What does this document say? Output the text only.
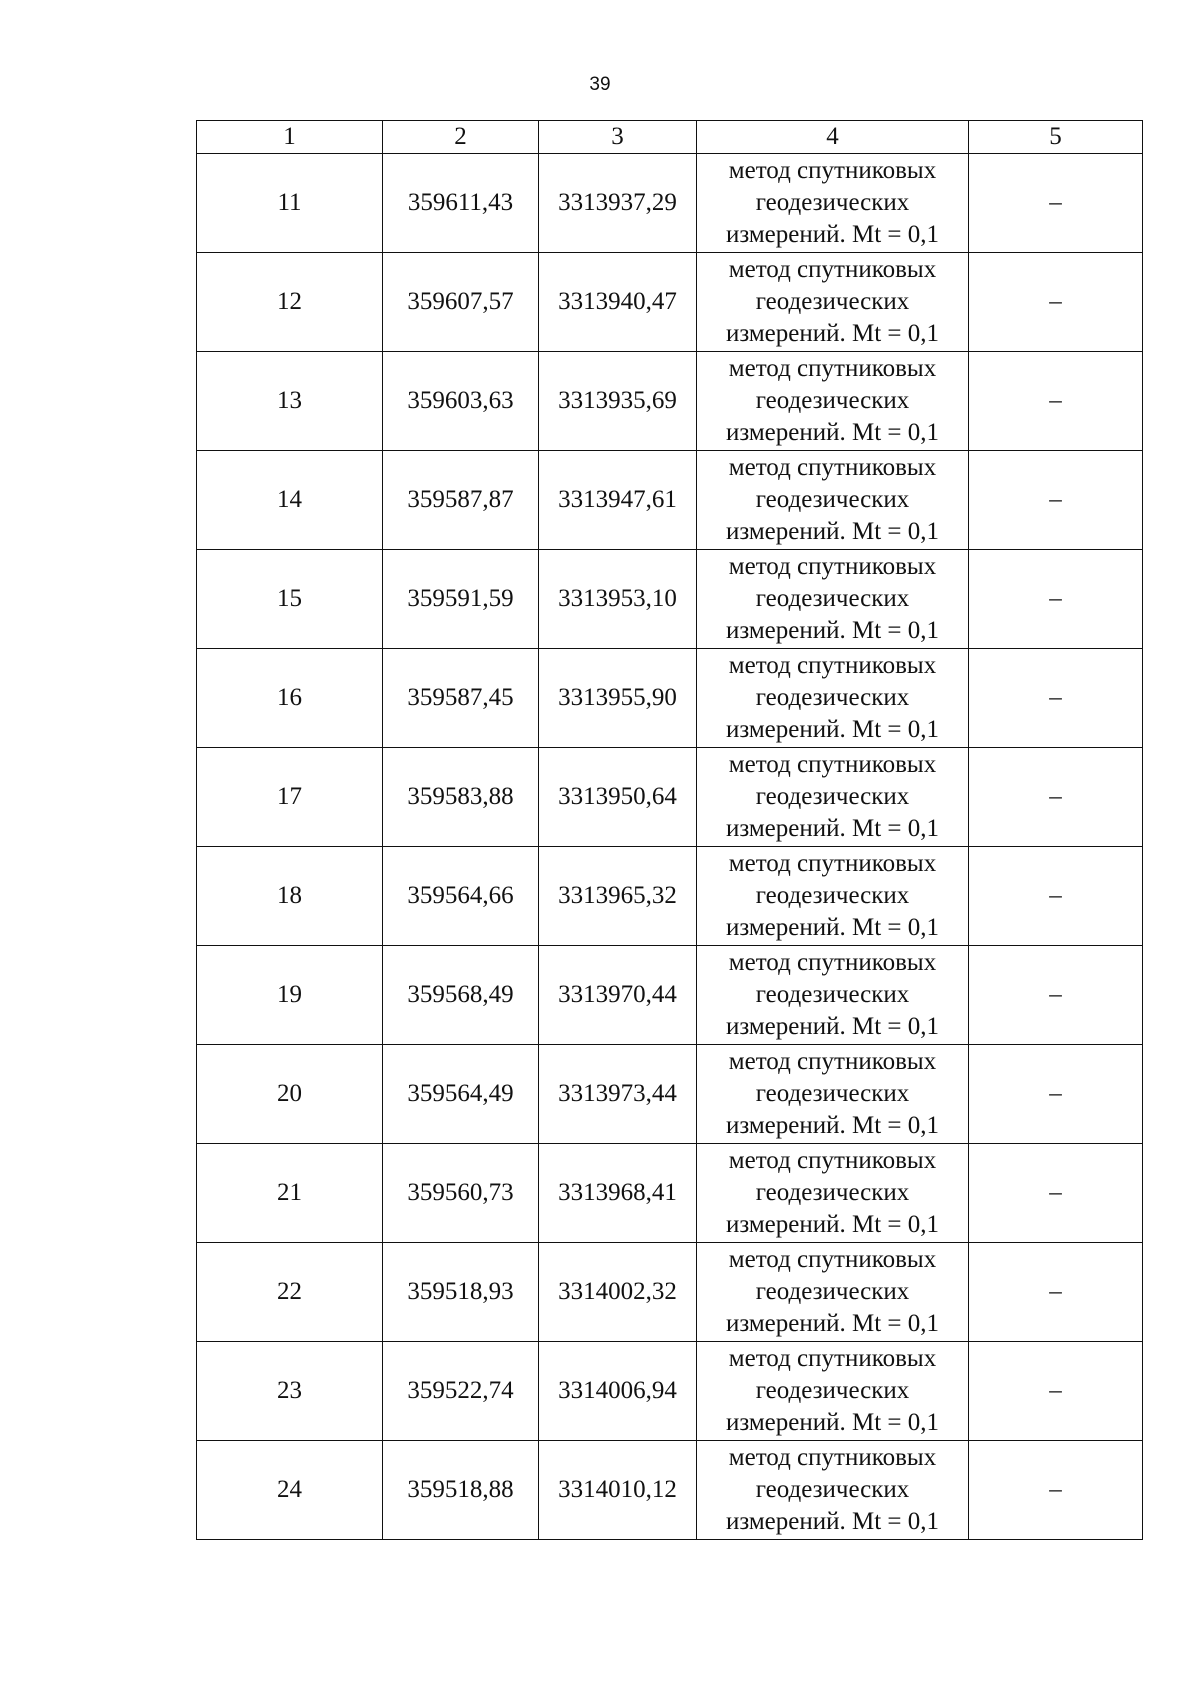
39
1	2	3	4	5
11	359611,43	3313937,29	метод спутниковых
геодезических
измерений. Mt = 0,1	–
12	359607,57	3313940,47	метод спутниковых
геодезических
измерений. Mt = 0,1	–
13	359603,63	3313935,69	метод спутниковых
геодезических
измерений. Mt = 0,1	–
14	359587,87	3313947,61	метод спутниковых
геодезических
измерений. Mt = 0,1	–
15	359591,59	3313953,10	метод спутниковых
геодезических
измерений. Mt = 0,1	–
16	359587,45	3313955,90	метод спутниковых
геодезических
измерений. Mt = 0,1	–
17	359583,88	3313950,64	метод спутниковых
геодезических
измерений. Mt = 0,1	–
18	359564,66	3313965,32	метод спутниковых
геодезических
измерений. Mt = 0,1	–
19	359568,49	3313970,44	метод спутниковых
геодезических
измерений. Mt = 0,1	–
20	359564,49	3313973,44	метод спутниковых
геодезических
измерений. Mt = 0,1	–
21	359560,73	3313968,41	метод спутниковых
геодезических
измерений. Mt = 0,1	–
22	359518,93	3314002,32	метод спутниковых
геодезических
измерений. Mt = 0,1	–
23	359522,74	3314006,94	метод спутниковых
геодезических
измерений. Mt = 0,1	–
24	359518,88	3314010,12	метод спутниковых
геодезических
измерений. Mt = 0,1	–
